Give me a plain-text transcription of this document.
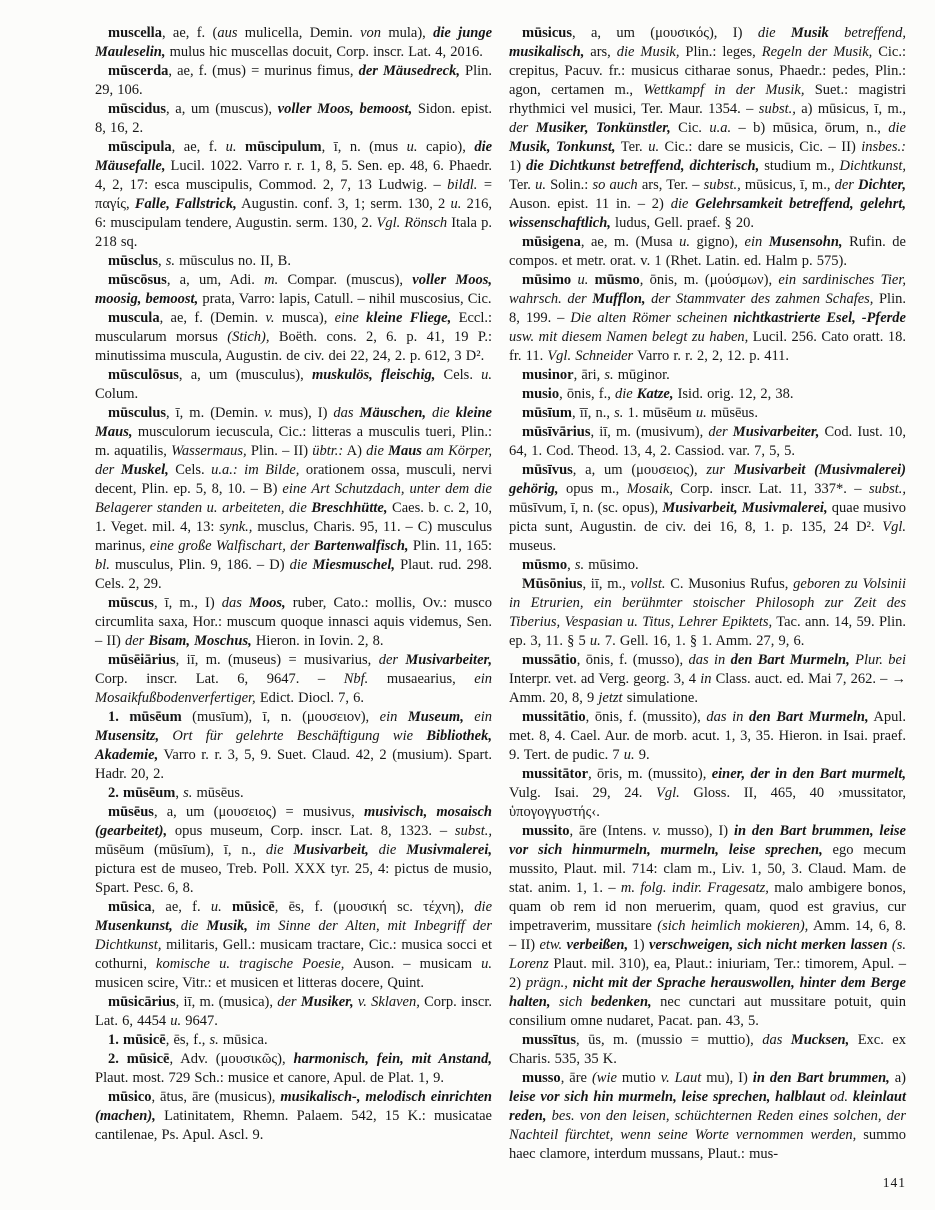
muscella, ae, f. (aus mulicella, Demin. von mula), die junge Mauleselin, mulus hic muscellas docuit, Corp. inscr. Lat. 4, 2016.

mūscerda, ae, f. (mus) = murinus fimus, der Mäusedreck, Plin. 29, 106.

mūscidus, a, um (muscus), voller Moos, bemoost, Sidon. epist. 8, 16, 2.

mūscipula, ae, f. u. mūscipulum, ī, n. (mus u. capio), die Mäusefalle, Lucil. 1022. Varro r. r. 1, 8, 5. Sen. ep. 48, 6. Phaedr. 4, 2, 17: esca muscipulis, Commod. 2, 7, 13 Ludwig. – bildl. = παγίς, Falle, Fallstrick, Augustin. conf. 3, 1; serm. 130, 2 u. 216, 6: muscipulam tendere, Augustin. serm. 130, 2. Vgl. Rönsch Itala p. 218 sq.

mūsclus, s. mūsculus no. II, B.

mūscōsus, a, um, Adi. m. Compar. (muscus), voller Moos, moosig, bemoost, prata, Varro: lapis, Catull. – nihil muscosius, Cic.

muscula, ae, f. (Demin. v. musca), eine kleine Fliege, Eccl.: muscularum morsus (Stich), Boëth. cons. 2, 6. p. 41, 19 P.: minutissima muscula, Augustin. de civ. dei 22, 24, 2. p. 612, 3 D².

mūsculōsus, a, um (musculus), muskulös, fleischig, Cels. u. Colum.

mūsculus, ī, m. (Demin. v. mus), I) das Mäuschen, die kleine Maus, musculorum iecuscula, Cic.: litteras a musculis tueri, Plin.: m. aquatilis, Wassermaus, Plin. – II) übtr.: A) die Maus am Körper, der Muskel, Cels. u.a.: im Bilde, orationem ossa, musculi, nervi decent, Plin. ep. 5, 8, 10. – B) eine Art Schutzdach, unter dem die Belagerer standen u. arbeiteten, die Breschhütte, Caes. b. c. 2, 10, 1. Veget. mil. 4, 13: synk., musclus, Charis. 95, 11. – C) musculus marinus, eine große Walfischart, der Bartenwalfisch, Plin. 11, 165: bl. musculus, Plin. 9, 186. – D) die Miesmuschel, Plaut. rud. 298. Cels. 2, 29.

mūscus, ī, m., I) das Moos, ruber, Cato.: mollis, Ov.: musco circumlita saxa, Hor.: muscum quoque innasci aquis videmus, Sen. – II) der Bisam, Moschus, Hieron. in Iovin. 2, 8.

mūsēiārius, iī, m. (museus) = musivarius, der Musivarbeiter, Corp. inscr. Lat. 6, 9647. – Nbf. musaearius, ein Mosaikfußbodenverfertiger, Edict. Diocl. 7, 6.

1. mūsēum (musīum), ī, n. (μουσειον), ein Museum, ein Musensitz, Ort für gelehrte Beschäftigung wie Bibliothek, Akademie, Varro r. r. 3, 5, 9. Suet. Claud. 42, 2 (musium). Spart. Hadr. 20, 2.

2. mūsēum, s. mūsēus.

mūsēus, a, um (μουσειος) = musivus, musivisch, mosaisch (gearbeitet), opus museum, Corp. inscr. Lat. 8, 1323. – subst., mūsēum (mūsīum), ī, n., die Musivarbeit, die Musivmalerei, pictura est de museo, Treb. Poll. XXX tyr. 25, 4: pictus de musio, Spart. Pesc. 6, 8.

mūsica, ae, f. u. mūsicē, ēs, f. (μουσική sc. τέχνη), die Musenkunst, die Musik, im Sinne der Alten, mit Inbegriff der Dichtkunst, militaris, Gell.: musicam tractare, Cic.: musica socci et cothurni, komische u. tragische Poesie, Auson. – musicam u. musicen scire, Vitr.: et musicen et litteras docere, Quint.

mūsicārius, iī, m. (musica), der Musiker, v. Sklaven, Corp. inscr. Lat. 6, 4454 u. 9647.

1. mūsicē, ēs, f., s. mūsica.

2. mūsicē, Adv. (μουσικῶς), harmonisch, fein, mit Anstand, Plaut. most. 729 Sch.: musice et canore, Apul. de Plat. 1, 9.

mūsico, ātus, āre (musicus), musikalisch-, melodisch einrichten (machen), Latinitatem, Rhemn. Palaem. 542, 15 K.: musicatae cantilenae, Ps. Apul. Ascl. 9.

mūsicus, a, um (μουσικός), I) die Musik betreffend, musikalisch, ars, die Musik, Plin.: leges, Regeln der Musik, Cic.: crepitus, Pacuv. fr.: musicus citharae sonus, Phaedr.: pedes, Plin.: agon, certamen m., Wettkampf in der Musik, Suet.: magistri rhythmici vel musici, Ter. Maur. 1354. – subst., a) mūsicus, ī, m., der Musiker, Tonkünstler, Cic. u.a. – b) mūsica, ōrum, n., die Musik, Tonkunst, Ter. u. Cic.: dare se musicis, Cic. – II) insbes.: 1) die Dichtkunst betreffend, dichterisch, studium m., Dichtkunst, Ter. u. Solin.: so auch ars, Ter. – subst., mūsicus, ī, m., der Dichter, Auson. epist. 11 in. – 2) die Gelehrsamkeit betreffend, gelehrt, wissenschaftlich, ludus, Gell. praef. § 20.

mūsigena, ae, m. (Musa u. gigno), ein Musensohn, Rufin. de compos. et metr. orat. v. 1 (Rhet. Latin. ed. Halm p. 575).

mūsimo u. mūsmo, ōnis, m. (μούσμων), ein sardinisches Tier, wahrsch. der Mufflon, der Stammvater des zahmen Schafes, Plin. 8, 199. – Die alten Römer scheinen nichtkastrierte Esel, -Pferde usw. mit diesem Namen belegt zu haben, Lucil. 256. Cato oratt. 18. fr. 11. Vgl. Schneider Varro r. r. 2, 2, 12. p. 411.

musinor, āri, s. mūginor.

musio, ōnis, f., die Katze, Isid. orig. 12, 2, 38.

mūsīum, īī, n., s. 1. mūsēum u. mūsēus.

mūsīvārius, iī, m. (musivum), der Musivarbeiter, Cod. Iust. 10, 64, 1. Cod. Theod. 13, 4, 2. Cassiod. var. 7, 5, 5.

mūsīvus, a, um (μουσειος), zur Musivarbeit (Musivmalerei) gehörig, opus m., Mosaik, Corp. inscr. Lat. 11, 337*. – subst., mūsīvum, ī, n. (sc. opus), Musivarbeit, Musivmalerei, quae musivo picta sunt, Augustin. de civ. dei 16, 8, 1. p. 135, 24 D². Vgl. museus.

mūsmo, s. mūsimo.

Mūsōnius, iī, m., vollst. C. Musonius Rufus, geboren zu Volsinii in Etrurien, ein berühmter stoischer Philosoph zur Zeit des Tiberius, Vespasian u. Titus, Lehrer Epiktets, Tac. ann. 14, 59. Plin. ep. 3, 11. § 5 u. 7. Gell. 16, 1. § 1. Amm. 27, 9, 6.

mussātio, ōnis, f. (musso), das in den Bart Murmeln, Plur. bei Interpr. vet. ad Verg. georg. 3, 4 in Class. auct. ed. Mai 7, 262. – → Amm. 20, 8, 9 jetzt simulatione.

mussitātio, ōnis, f. (mussito), das in den Bart Murmeln, Apul. met. 8, 4. Cael. Aur. de morb. acut. 1, 3, 35. Hieron. in Isai. praef. 9. Tert. de pudic. 7 u. 9.

mussitātor, ōris, m. (mussito), einer, der in den Bart murmelt, Vulg. Isai. 29, 24. Vgl. Gloss. II, 465, 40 ›mussitator, ὑπογογγυστής‹.

mussito, āre (Intens. v. musso), I) in den Bart brummen, leise vor sich hinmurmeln, murmeln, leise sprechen, ego mecum mussito, Plaut. mil. 714: clam m., Liv. 1, 50, 3. Claud. Mam. de stat. anim. 1, 1. – m. folg. indir. Fragesatz, malo ambigere bonos, quam ob rem id non meruerim, quam, quod est gravius, cur impetraverim, mussitare (sich heimlich mokieren), Amm. 14, 6, 8. – II) etw. verbeißen, 1) verschweigen, sich nicht merken lassen (s. Lorenz Plaut. mil. 310), ea, Plaut.: iniuriam, Ter.: timorem, Apul. – 2) prägn., nicht mit der Sprache herauswollen, hinter dem Berge halten, sich bedenken, nec cunctari aut mussitare potuit, quin consilium omne nudaret, Pacat. pan. 43, 5.

mussītus, ūs, m. (mussio = muttio), das Mucksen, Exc. ex Charis. 535, 35 K.

musso, āre (wie mutio v. Laut mu), I) in den Bart brummen, a) leise vor sich hin murmeln, leise sprechen, halblaut od. kleinlaut reden, bes. von den leisen, schüchternen Reden eines solchen, der Nachteil fürchtet, wenn seine Worte vernommen werden, summo haec clamore, interdum mussans, Plaut.: mus-

141
